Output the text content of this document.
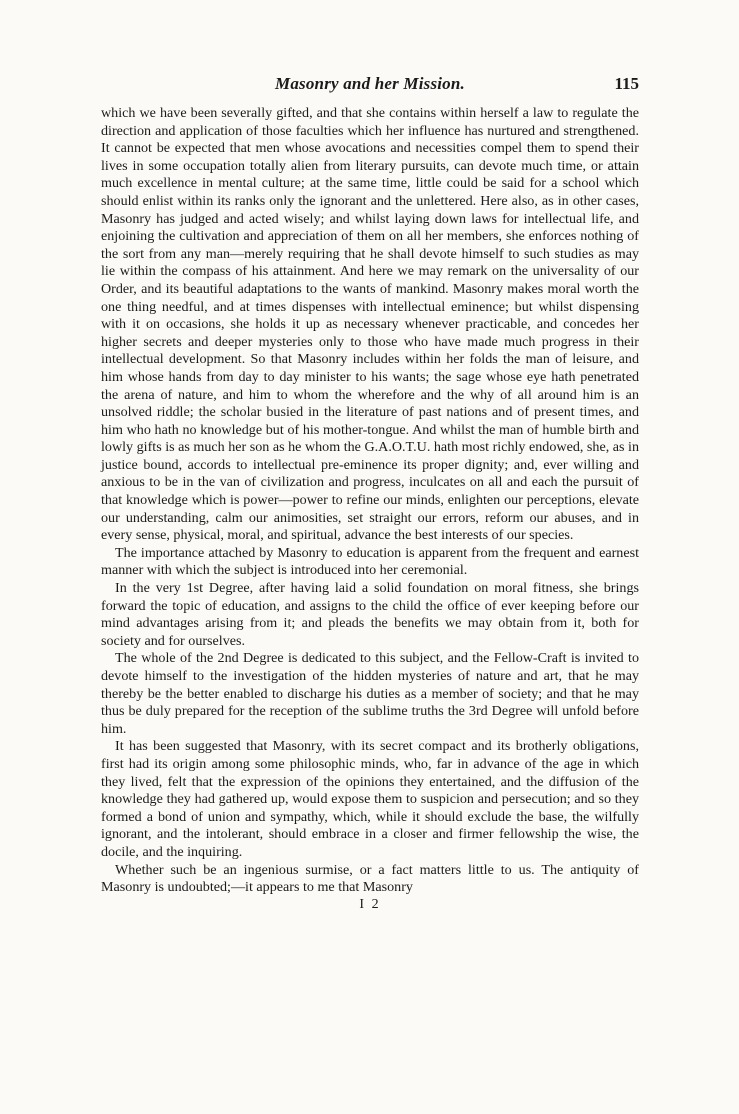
Masonry and her Mission.	115

which we have been severally gifted, and that she contains within herself a law to regulate the direction and application of those faculties which her influence has nurtured and strengthened. It cannot be expected that men whose avocations and necessities compel them to spend their lives in some occupation totally alien from literary pursuits, can devote much time, or attain much excellence in mental culture; at the same time, little could be said for a school which should enlist within its ranks only the ignorant and the unlettered. Here also, as in other cases, Masonry has judged and acted wisely; and whilst laying down laws for intellectual life, and enjoining the cultivation and appreciation of them on all her members, she enforces nothing of the sort from any man—merely requiring that he shall devote himself to such studies as may lie within the compass of his attainment. And here we may remark on the universality of our Order, and its beautiful adaptations to the wants of mankind. Masonry makes moral worth the one thing needful, and at times dispenses with intellectual eminence; but whilst dispensing with it on occasions, she holds it up as necessary whenever practicable, and concedes her higher secrets and deeper mysteries only to those who have made much progress in their intellectual development. So that Masonry includes within her folds the man of leisure, and him whose hands from day to day minister to his wants; the sage whose eye hath penetrated the arena of nature, and him to whom the wherefore and the why of all around him is an unsolved riddle; the scholar busied in the literature of past nations and of present times, and him who hath no knowledge but of his mother-tongue. And whilst the man of humble birth and lowly gifts is as much her son as he whom the G.A.O.T.U. hath most richly endowed, she, as in justice bound, accords to intellectual pre-eminence its proper dignity; and, ever willing and anxious to be in the van of civilization and progress, inculcates on all and each the pursuit of that knowledge which is power—power to refine our minds, enlighten our perceptions, elevate our understanding, calm our animosities, set straight our errors, reform our abuses, and in every sense, physical, moral, and spiritual, advance the best interests of our species.

The importance attached by Masonry to education is apparent from the frequent and earnest manner with which the subject is introduced into her ceremonial.

In the very 1st Degree, after having laid a solid foundation on moral fitness, she brings forward the topic of education, and assigns to the child the office of ever keeping before our mind advantages arising from it; and pleads the benefits we may obtain from it, both for society and for ourselves.

The whole of the 2nd Degree is dedicated to this subject, and the Fellow-Craft is invited to devote himself to the investigation of the hidden mysteries of nature and art, that he may thereby be the better enabled to discharge his duties as a member of society; and that he may thus be duly prepared for the reception of the sublime truths the 3rd Degree will unfold before him.

It has been suggested that Masonry, with its secret compact and its brotherly obligations, first had its origin among some philosophic minds, who, far in advance of the age in which they lived, felt that the expression of the opinions they entertained, and the diffusion of the knowledge they had gathered up, would expose them to suspicion and persecution; and so they formed a bond of union and sympathy, which, while it should exclude the base, the wilfully ignorant, and the intolerant, should embrace in a closer and firmer fellowship the wise, the docile, and the inquiring.

Whether such be an ingenious surmise, or a fact matters little to us. The antiquity of Masonry is undoubted;—it appears to me that Masonry

I 2
